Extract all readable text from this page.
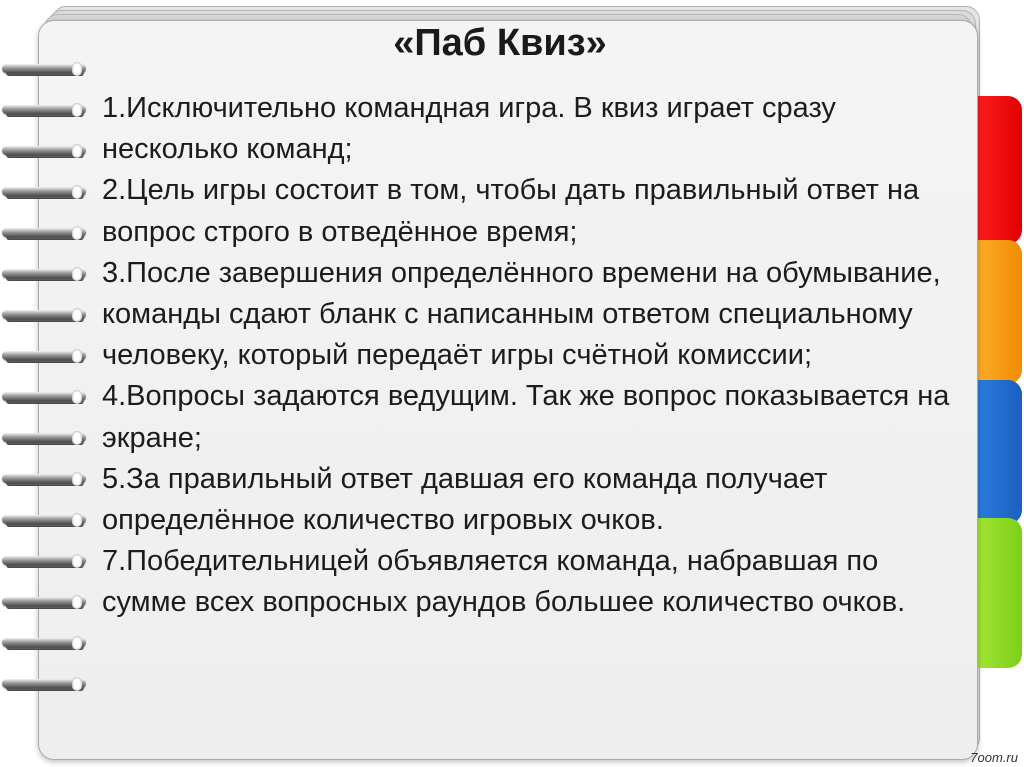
«Паб Квиз»

1.Исключительно командная игра. В квиз играет сразу несколько команд;

2.Цель игры состоит в том, чтобы дать правильный ответ на вопрос строго в отведённое время;

3.После завершения определённого времени на обумывание, команды сдают бланк с написанным ответом специальному человеку, который передаёт игры счётной комиссии;

4.Вопросы задаются ведущим. Так же вопрос показывается на экране;

5.За правильный ответ давшая его команда получает определённое количество игровых очков.

7.Победительницей объявляется команда, набравшая по сумме всех вопросных раундов большее количество очков.

7oom.ru
